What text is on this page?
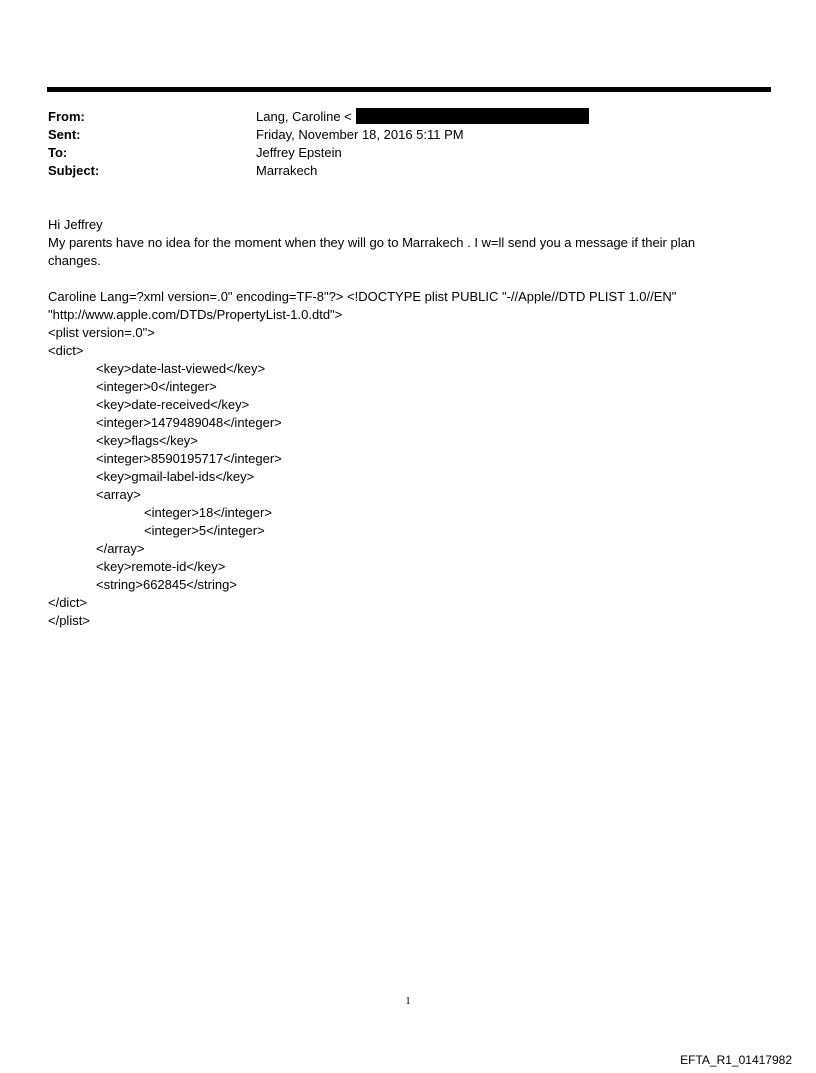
From:	Lang, Caroline <
Sent:	Friday, November 18, 2016 5:11 PM
To:	Jeffrey Epstein
Subject:	Marrakech

Hi Jeffrey

My parents have no idea for the moment when they will go to Marrakech . I w=ll send you a message if their plan

changes.

Caroline Lang=?xml version=.0" encoding=TF-8"?> <!DOCTYPE plist PUBLIC "-//Apple//DTD PLIST 1.0//EN"

"http://www.apple.com/DTDs/PropertyList-1.0.dtd">

<plist version=.0">

<dict>

<key>date-last-viewed</key>

<integer>0</integer>

<key>date-received</key>

<integer>1479489048</integer>

<key>flags</key>

<integer>8590195717</integer>

<key>gmail-label-ids</key>

<array>

<integer>18</integer>

<integer>5</integer>

</array>

<key>remote-id</key>

<string>662845</string>

</dict>

</plist>

1
EFTA_R1_01417982
